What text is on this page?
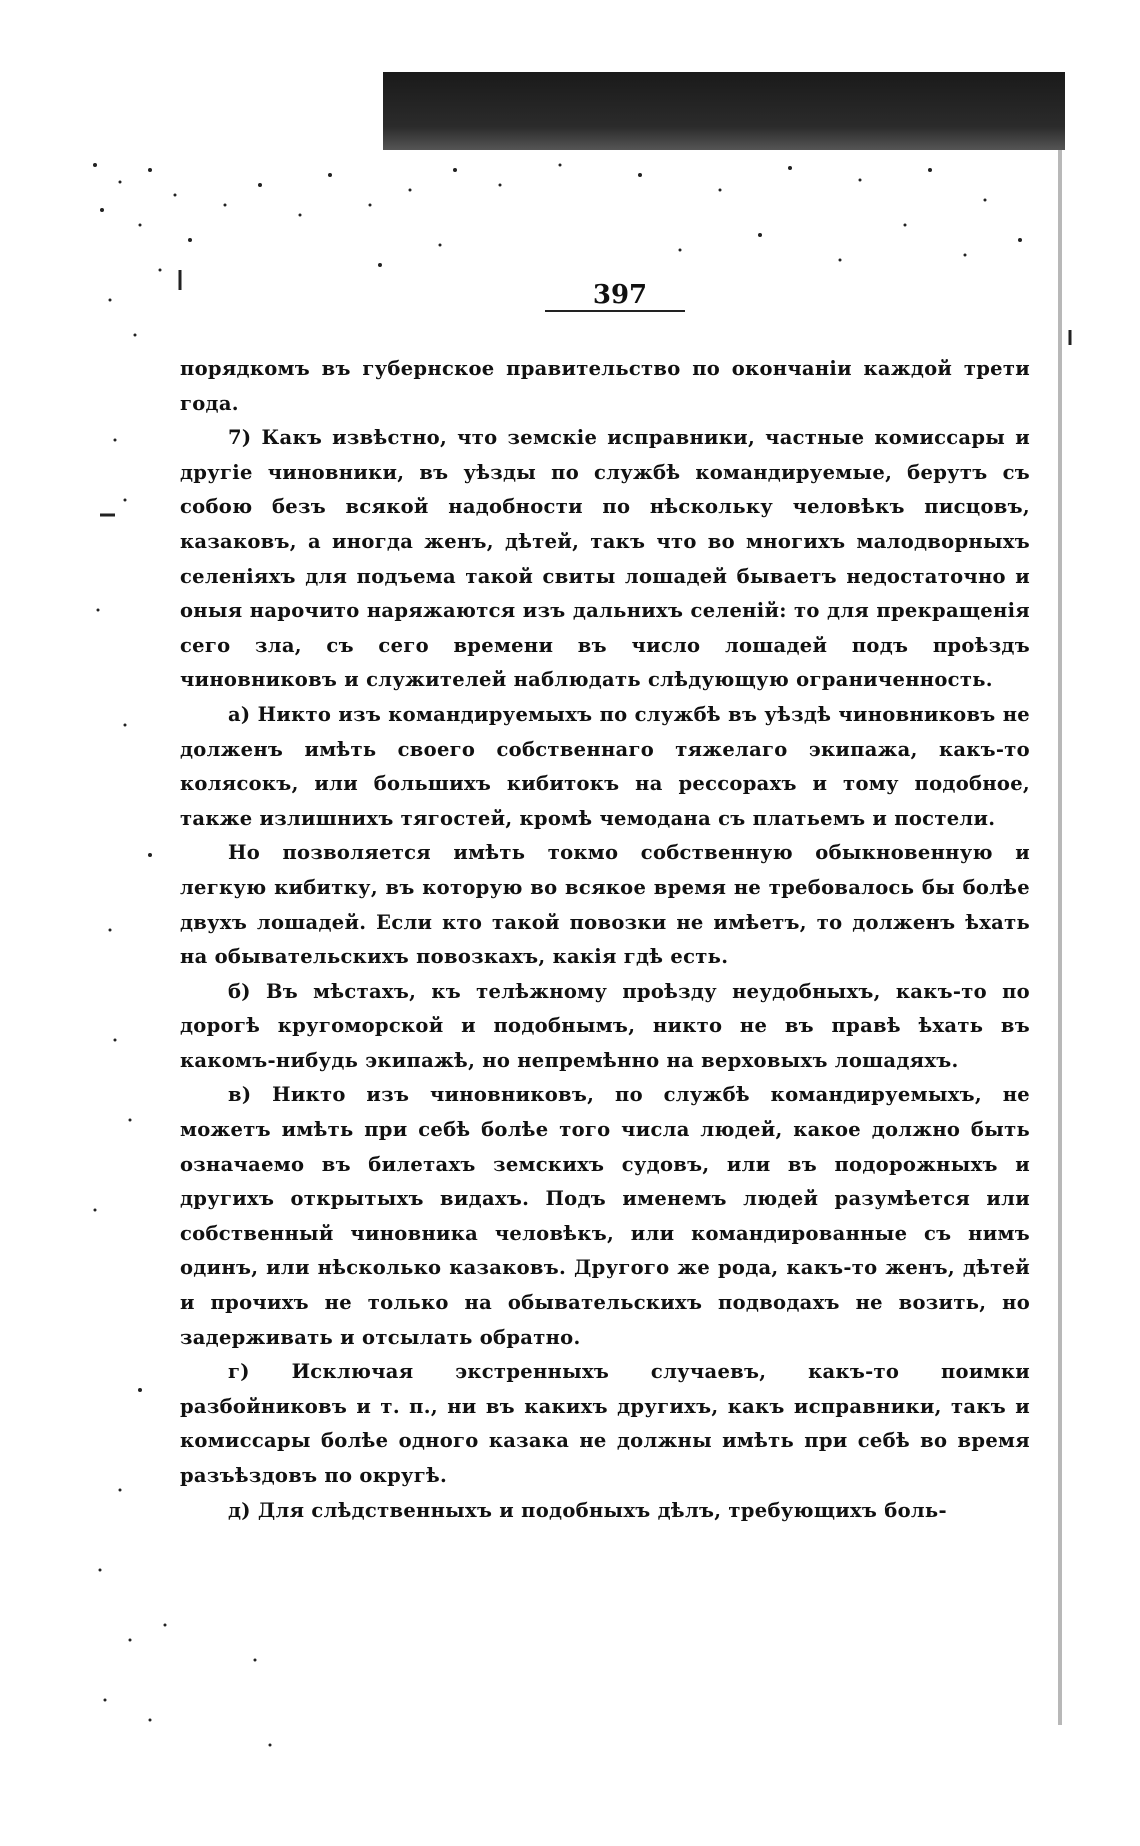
397

порядкомъ въ губернское правительство по окончаніи каждой трети года.

7) Какъ извѣстно, что земскіе исправники, частные комиссары и другіе чиновники, въ уѣзды по службѣ командируемые, берутъ съ собою безъ всякой надобности по нѣскольку человѣкъ писцовъ, казаковъ, а иногда женъ, дѣтей, такъ что во многихъ малодворныхъ селеніяхъ для подъема такой свиты лошадей бываетъ недостаточно и оныя нарочито наряжаются изъ дальнихъ селеній: то для прекращенія сего зла, съ сего времени въ число лошадей подъ проѣздъ чиновниковъ и служителей наблюдать слѣдующую ограниченность.

а) Никто изъ командируемыхъ по службѣ въ уѣздѣ чиновниковъ не долженъ имѣть своего собственнаго тяжелаго экипажа, какъ-то колясокъ, или большихъ кибитокъ на рессорахъ и тому подобное, также излишнихъ тягостей, кромѣ чемодана съ платьемъ и постели.

Но позволяется имѣть токмо собственную обыкновенную и легкую кибитку, въ которую во всякое время не требовалось бы болѣе двухъ лошадей. Если кто такой повозки не имѣетъ, то долженъ ѣхать на обывательскихъ повозкахъ, какія гдѣ есть.

б) Въ мѣстахъ, къ телѣжному проѣзду неудобныхъ, какъ-то по дорогѣ кругоморской и подобнымъ, никто не въ правѣ ѣхать въ какомъ-нибудь экипажѣ, но непремѣнно на верховыхъ лошадяхъ.

в) Никто изъ чиновниковъ, по службѣ командируемыхъ, не можетъ имѣть при себѣ болѣе того числа людей, какое должно быть означаемо въ билетахъ земскихъ судовъ, или въ подорожныхъ и другихъ открытыхъ видахъ. Подъ именемъ людей разумѣется или собственный чиновника человѣкъ, или командированные съ нимъ одинъ, или нѣсколько казаковъ. Другого же рода, какъ-то женъ, дѣтей и прочихъ не только на обывательскихъ подводахъ не возить, но задерживать и отсылать обратно.

г) Исключая экстренныхъ случаевъ, какъ-то поимки разбойниковъ и т. п., ни въ какихъ другихъ, какъ исправники, такъ и комиссары болѣе одного казака не должны имѣть при себѣ во время разъѣздовъ по округѣ.

д) Для слѣдственныхъ и подобныхъ дѣлъ, требующихъ боль-
